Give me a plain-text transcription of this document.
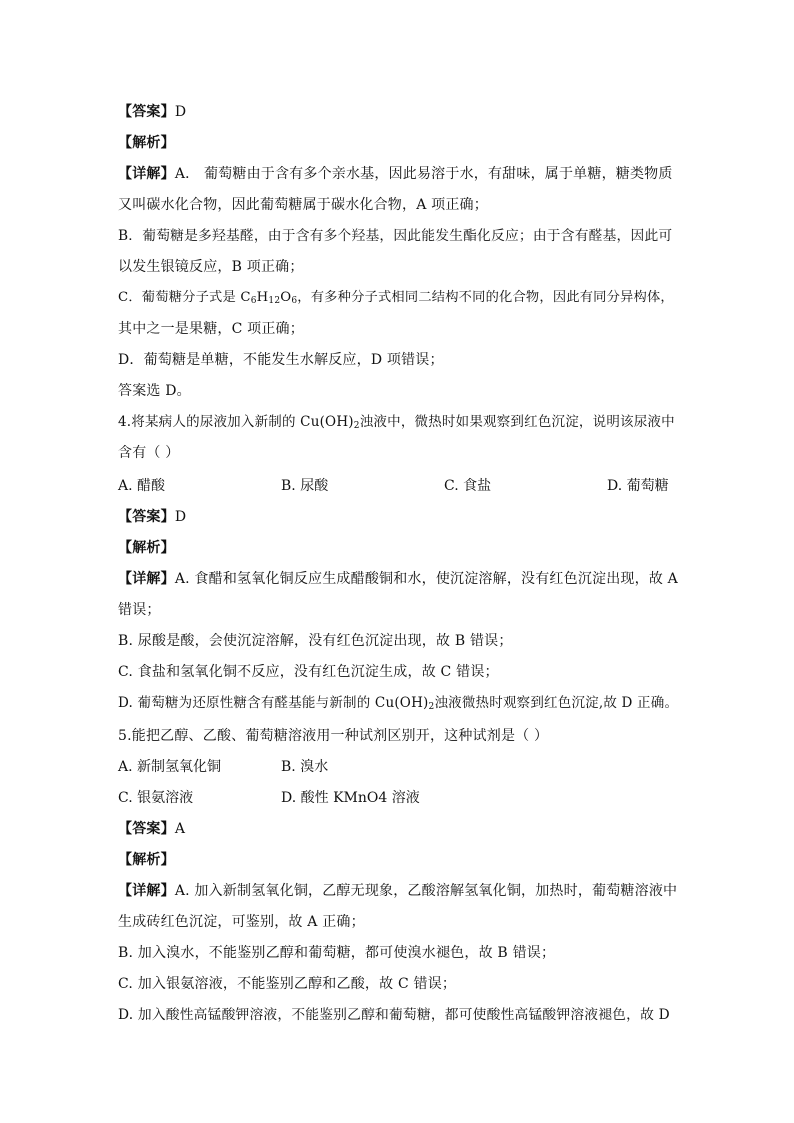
【答案】D
【解析】
【详解】A． 葡萄糖由于含有多个亲水基，因此易溶于水，有甜味，属于单糖，糖类物质
又叫碳水化合物，因此葡萄糖属于碳水化合物，A 项正确；
B．葡萄糖是多羟基醛，由于含有多个羟基，因此能发生酯化反应；由于含有醛基，因此可
以发生银镜反应，B 项正确；
C．葡萄糖分子式是 $C_6H_{12}O_6$，有多种分子式相同二结构不同的化合物，因此有同分异构体，
其中之一是果糖，C 项正确；
D．葡萄糖是单糖，不能发生水解反应，D 项错误；
答案选 D。
4.将某病人的尿液加入新制的 $Cu(OH)_2$浊液中，微热时如果观察到红色沉淀，说明该尿液中
含有（ ）
A. 醋酸	B. 尿酸	C. 食盐	D. 葡萄糖
【答案】D
【解析】
【详解】A. 食醋和氢氧化铜反应生成醋酸铜和水，使沉淀溶解，没有红色沉淀出现，故 A
错误；
B. 尿酸是酸，会使沉淀溶解，没有红色沉淀出现，故 B 错误；
C. 食盐和氢氧化铜不反应，没有红色沉淀生成，故 C 错误；
D. 葡萄糖为还原性糖含有醛基能与新制的 $Cu(OH)_2$浊液微热时观察到红色沉淀,故 D 正确。
5.能把乙醇、乙酸、葡萄糖溶液用一种试剂区别开，这种试剂是（ ）
A. 新制氢氧化铜	B. 溴水
C. 银氨溶液	D. 酸性 KMnO4 溶液
【答案】A
【解析】
【详解】A. 加入新制氢氧化铜，乙醇无现象，乙酸溶解氢氧化铜，加热时，葡萄糖溶液中
生成砖红色沉淀，可鉴别，故 A 正确；
B. 加入溴水，不能鉴别乙醇和葡萄糖，都可使溴水褪色，故 B 错误；
C. 加入银氨溶液，不能鉴别乙醇和乙酸，故 C 错误；
D. 加入酸性高锰酸钾溶液，不能鉴别乙醇和葡萄糖，都可使酸性高锰酸钾溶液褪色，故 D
